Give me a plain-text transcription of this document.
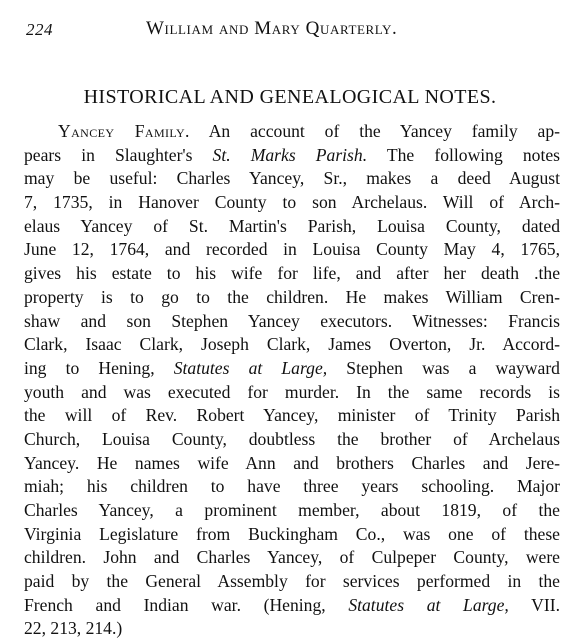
224	William and Mary Quarterly.
HISTORICAL AND GENEALOGICAL NOTES.
Yancey Family. An account of the Yancey family ap-
pears in Slaughter's St. Marks Parish. The following notes
may be useful: Charles Yancey, Sr., makes a deed August
7, 1735, in Hanover County to son Archelaus. Will of Arch-
elaus Yancey of St. Martin's Parish, Louisa County, dated
June 12, 1764, and recorded in Louisa County May 4, 1765,
gives his estate to his wife for life, and after her death .the
property is to go to the children. He makes William Cren-
shaw and son Stephen Yancey executors. Witnesses: Francis
Clark, Isaac Clark, Joseph Clark, James Overton, Jr. Accord-
ing to Hening, Statutes at Large, Stephen was a wayward
youth and was executed for murder. In the same records is
the will of Rev. Robert Yancey, minister of Trinity Parish
Church, Louisa County, doubtless the brother of Archelaus
Yancey. He names wife Ann and brothers Charles and Jere-
miah; his children to have three years schooling. Major
Charles Yancey, a prominent member, about 1819, of the
Virginia Legislature from Buckingham Co., was one of these
children. John and Charles Yancey, of Culpeper County, were
paid by the General Assembly for services performed in the
French and Indian war. (Hening, Statutes at Large, VII.
22, 213, 214.)
